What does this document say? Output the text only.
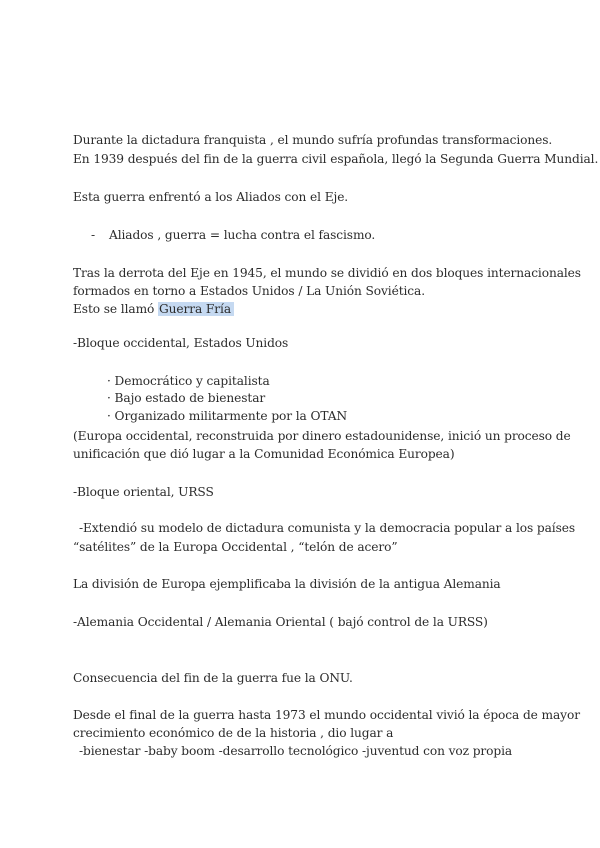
Durante la dictadura franquista , el mundo sufría profundas transformaciones.
En 1939 después del fin de la guerra civil española, llegó la Segunda Guerra Mundial.
Esta guerra enfrentó a los Aliados con el Eje.
- Aliados , guerra = lucha contra el fascismo.
Tras la derrota del Eje en 1945, el mundo se dividió en dos bloques internacionales
formados en torno a Estados Unidos / La Unión Soviética.
Esto se llamó Guerra Fría
-Bloque occidental, Estados Unidos
· Democrático y capitalista
· Bajo estado de bienestar
· Organizado militarmente por la OTAN
(Europa occidental, reconstruida por dinero estadounidense, inició un proceso de
unificación que dió lugar a la Comunidad Económica Europea)
-Bloque oriental, URSS
-Extendió su modelo de dictadura comunista y la democracia popular a los países
“satélites” de la Europa Occidental , “telón de acero”
La división de Europa ejemplificaba la división de la antigua Alemania
-Alemania Occidental / Alemania Oriental ( bajó control de la URSS)
Consecuencia del fin de la guerra fue la ONU.
Desde el final de la guerra hasta 1973 el mundo occidental vivió la época de mayor
crecimiento económico de de la historia , dio lugar a
-bienestar -baby boom -desarrollo tecnológico -juventud con voz propia
